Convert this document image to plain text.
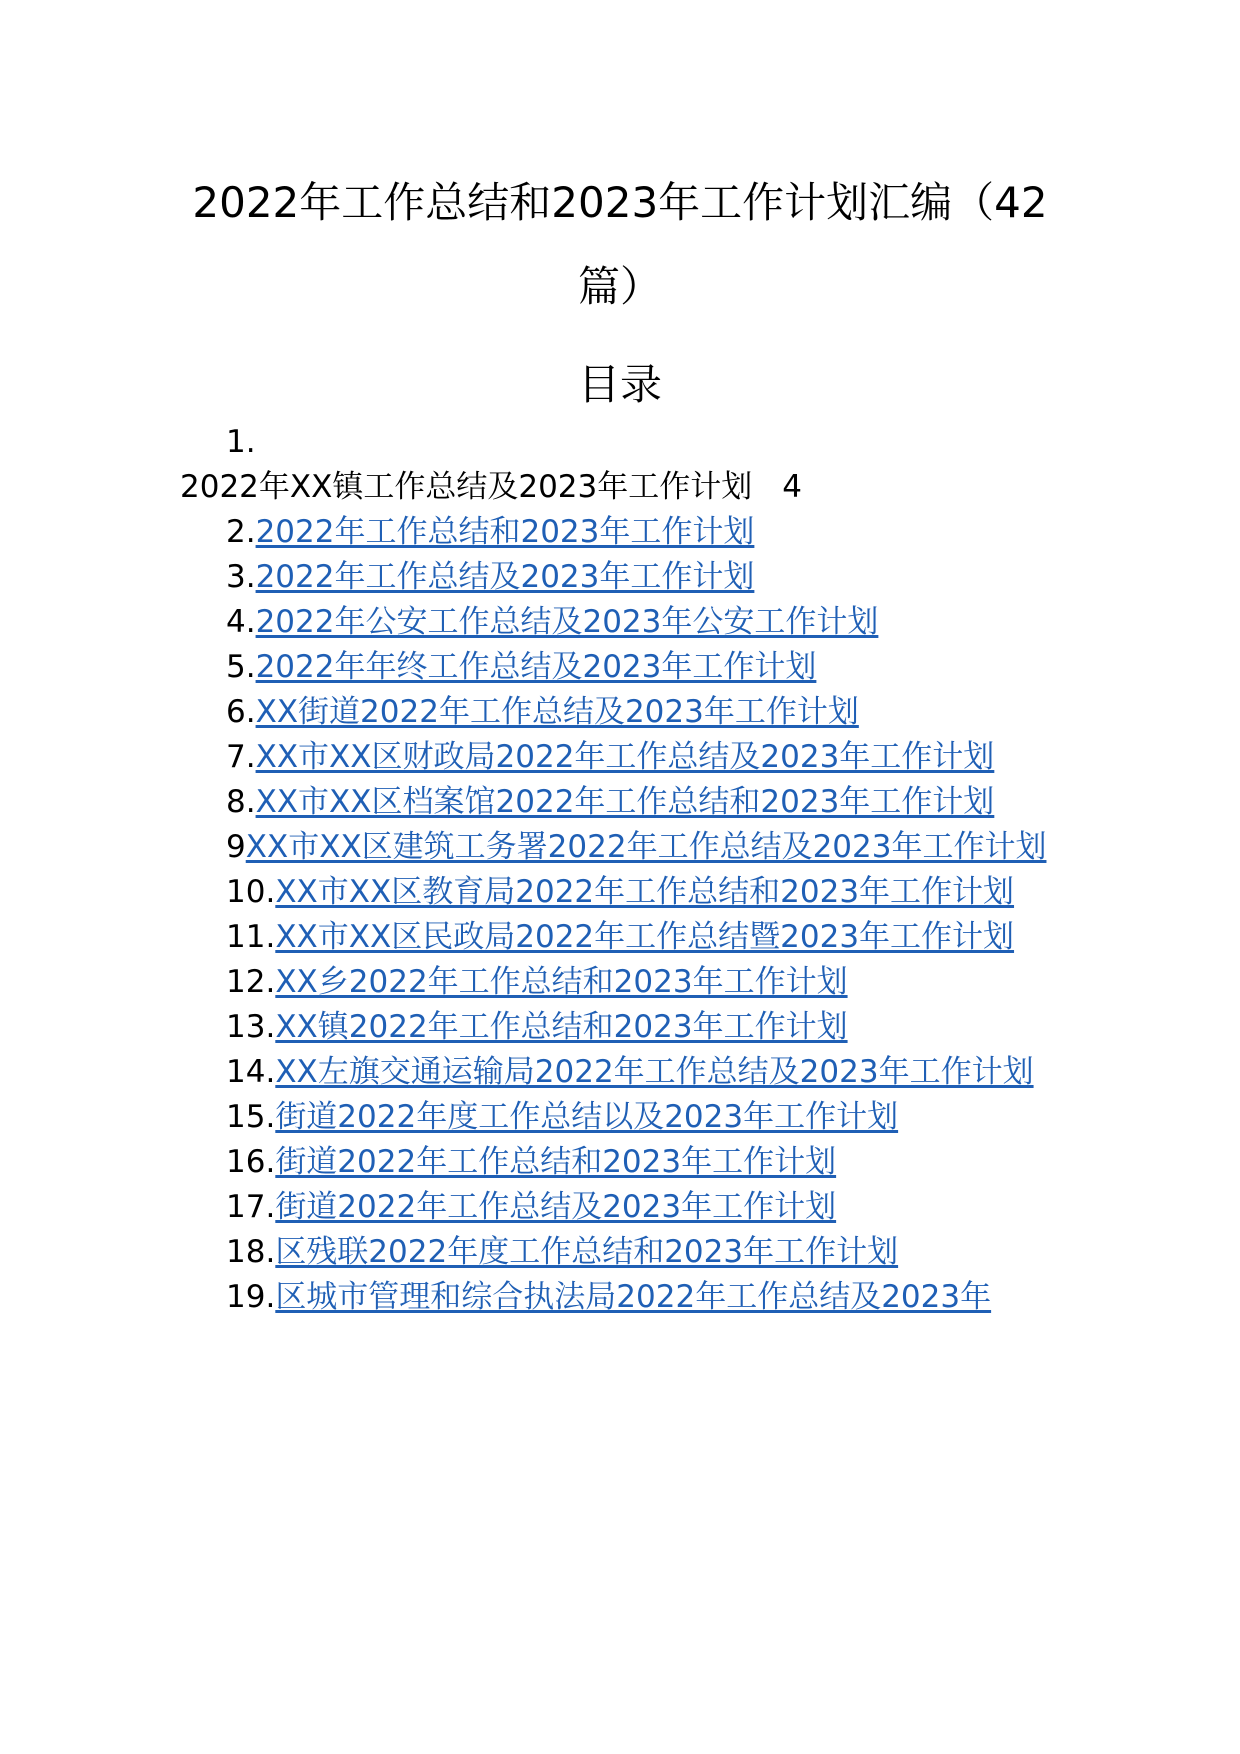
2022年工作总结和2023年工作计划汇编（42
篇）
目录

1.
2022年XX镇工作总结及2023年工作计划 4

2.2022年工作总结和2023年工作计划

3.2022年工作总结及2023年工作计划

4.2022年公安工作总结及2023年公安工作计划

5.2022年年终工作总结及2023年工作计划

6.XX街道2022年工作总结及2023年工作计划

7.XX市XX区财政局2022年工作总结及2023年工作计划

8.XX市XX区档案馆2022年工作总结和2023年工作计划

9XX市XX区建筑工务署2022年工作总结及2023年工作计划

10.XX市XX区教育局2022年工作总结和2023年工作计划

11.XX市XX区民政局2022年工作总结暨2023年工作计划

12.XX乡2022年工作总结和2023年工作计划

13.XX镇2022年工作总结和2023年工作计划

14.XX左旗交通运输局2022年工作总结及2023年工作计划

15.街道2022年度工作总结以及2023年工作计划

16.街道2022年工作总结和2023年工作计划

17.街道2022年工作总结及2023年工作计划

18.区残联2022年度工作总结和2023年工作计划

19.区城市管理和综合执法局2022年工作总结及2023年
